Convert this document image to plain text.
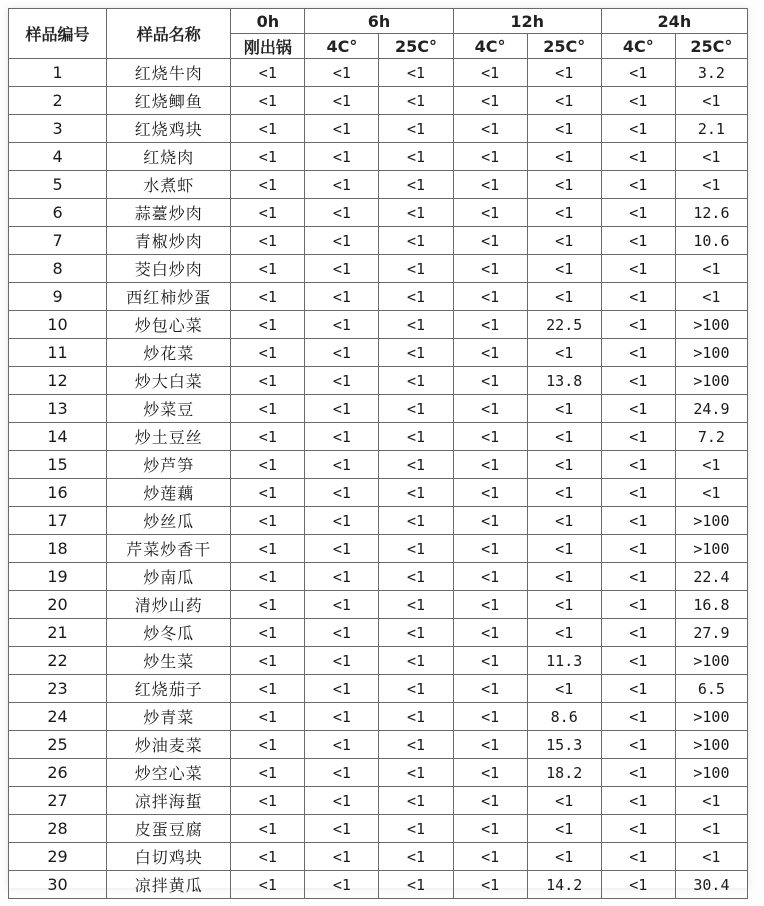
样品编号	样品名称	0h	6h		12h		24h	
		刚出锅	4C°	25C°	4C°	25C°	4C°	25C°
1	红烧牛肉	<1	<1	<1	<1	<1	<1	3.2
2	红烧鲫鱼	<1	<1	<1	<1	<1	<1	<1
3	红烧鸡块	<1	<1	<1	<1	<1	<1	2.1
4	红烧肉	<1	<1	<1	<1	<1	<1	<1
5	水煮虾	<1	<1	<1	<1	<1	<1	<1
6	蒜薹炒肉	<1	<1	<1	<1	<1	<1	12.6
7	青椒炒肉	<1	<1	<1	<1	<1	<1	10.6
8	茭白炒肉	<1	<1	<1	<1	<1	<1	<1
9	西红柿炒蛋	<1	<1	<1	<1	<1	<1	<1
10	炒包心菜	<1	<1	<1	<1	22.5	<1	>100
11	炒花菜	<1	<1	<1	<1	<1	<1	>100
12	炒大白菜	<1	<1	<1	<1	13.8	<1	>100
13	炒菜豆	<1	<1	<1	<1	<1	<1	24.9
14	炒土豆丝	<1	<1	<1	<1	<1	<1	7.2
15	炒芦笋	<1	<1	<1	<1	<1	<1	<1
16	炒莲藕	<1	<1	<1	<1	<1	<1	<1
17	炒丝瓜	<1	<1	<1	<1	<1	<1	>100
18	芹菜炒香干	<1	<1	<1	<1	<1	<1	>100
19	炒南瓜	<1	<1	<1	<1	<1	<1	22.4
20	清炒山药	<1	<1	<1	<1	<1	<1	16.8
21	炒冬瓜	<1	<1	<1	<1	<1	<1	27.9
22	炒生菜	<1	<1	<1	<1	11.3	<1	>100
23	红烧茄子	<1	<1	<1	<1	<1	<1	6.5
24	炒青菜	<1	<1	<1	<1	8.6	<1	>100
25	炒油麦菜	<1	<1	<1	<1	15.3	<1	>100
26	炒空心菜	<1	<1	<1	<1	18.2	<1	>100
27	凉拌海蜇	<1	<1	<1	<1	<1	<1	<1
28	皮蛋豆腐	<1	<1	<1	<1	<1	<1	<1
29	白切鸡块	<1	<1	<1	<1	<1	<1	<1
30	凉拌黄瓜	<1	<1	<1	<1	14.2	<1	30.4
